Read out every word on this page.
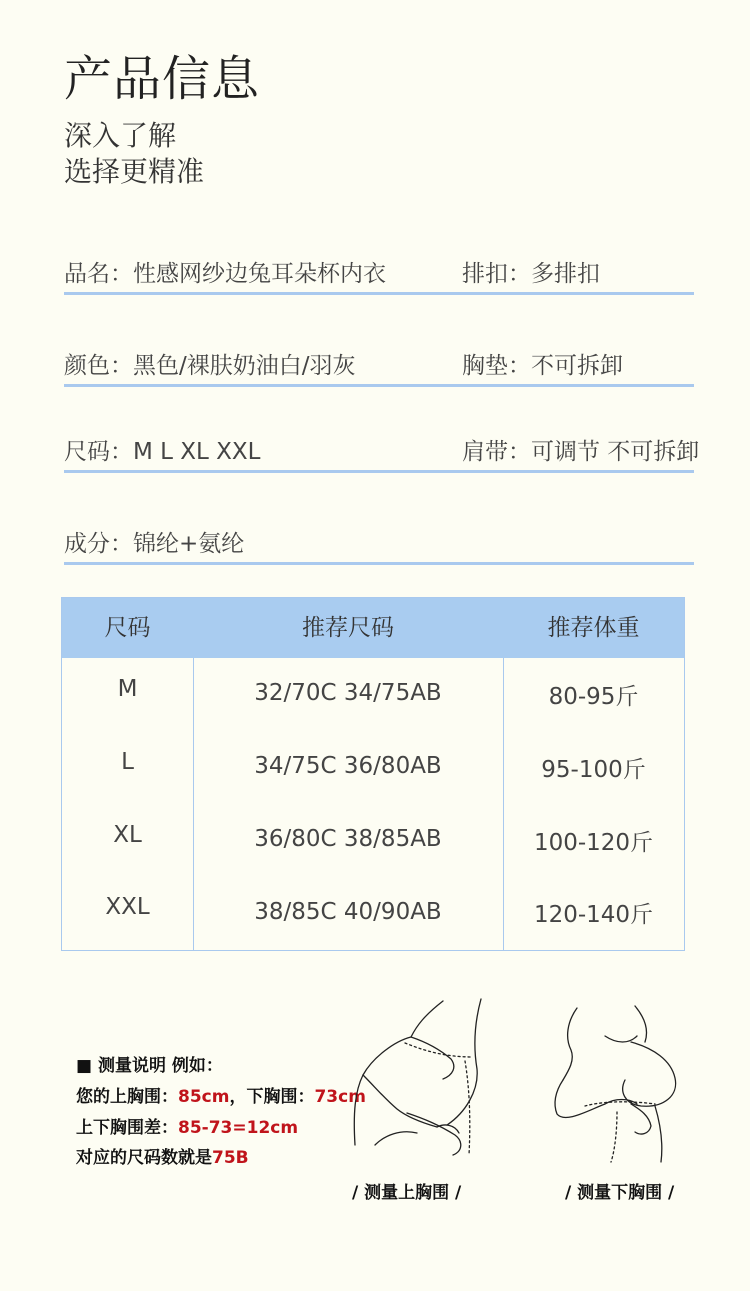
产品信息
深入了解
选择更精准
品名：性感网纱边兔耳朵杯内衣	排扣：多排扣
颜色：黑色/裸肤奶油白/羽灰	胸垫：不可拆卸
尺码：M L XL XXL	肩带：可调节 不可拆卸
成分：锦纶+氨纶
尺码	推荐尺码	推荐体重
M	32/70C 34/75AB	80-95斤
L	34/75C 36/80AB	95-100斤
XL	36/80C 38/85AB	100-120斤
XXL	38/85C 40/90AB	120-140斤
■ 测量说明 例如：
您的上胸围：85cm，下胸围：73cm
上下胸围差：85-73=12cm
对应的尺码数就是75B
/ 测量上胸围 /	/ 测量下胸围 /
